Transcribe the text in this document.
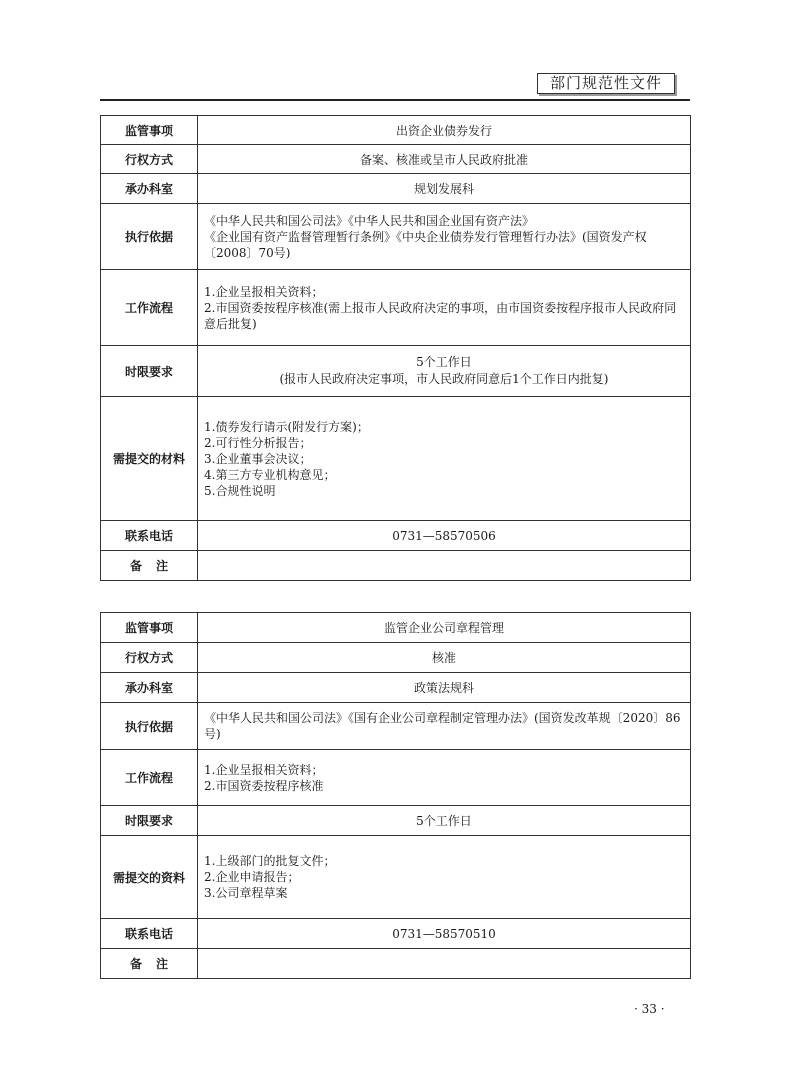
部门规范性文件
监管事项	出资企业债券发行
行权方式	备案、核准或呈市人民政府批准
承办科室	规划发展科
执行依据	《中华人民共和国公司法》《中华人民共和国企业国有资产法》
《企业国有资产监督管理暂行条例》《中央企业债券发行管理暂行办法》(国资发产权〔2008〕70号)

工作流程	1.企业呈报相关资料；
2.市国资委按程序核准(需上报市人民政府决定的事项，由市国资委按程序报市人民政府同意后批复)

时限要求	5个工作日
(报市人民政府决定事项，市人民政府同意后1个工作日内批复)

需提交的材料	1.债券发行请示(附发行方案)；
2.可行性分析报告；
3.企业董事会决议；
4.第三方专业机构意见；
5.合规性说明

联系电话	0731—58570506
备注	
监管事项	监管企业公司章程管理
行权方式	核准
承办科室	政策法规科
执行依据	《中华人民共和国公司法》《国有企业公司章程制定管理办法》(国资发改革规〔2020〕86号)

工作流程	1.企业呈报相关资料；
2.市国资委按程序核准

时限要求	5个工作日
需提交的资料	1.上级部门的批复文件；
2.企业申请报告；
3.公司章程草案

联系电话	0731—58570510
备注	
· 33 ·
